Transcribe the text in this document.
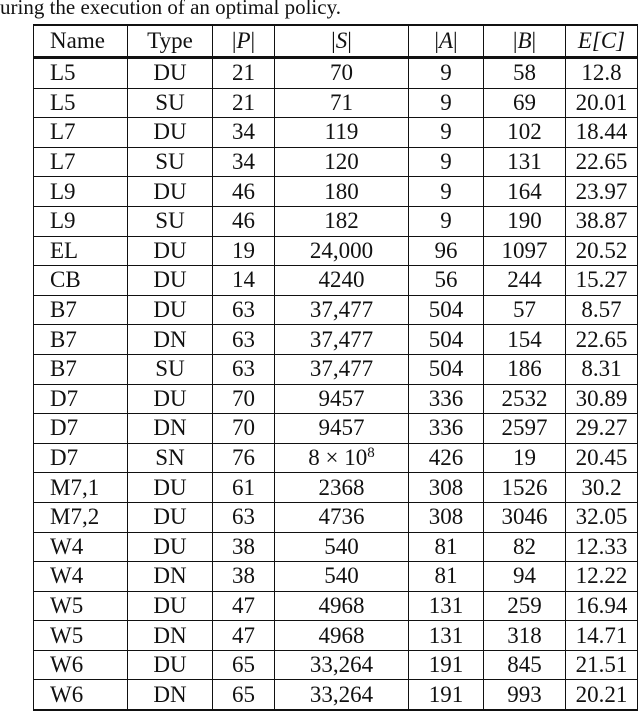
uring the execution of an optimal policy.
Name	Type	|P|	|S|	|A|	|B|	E[C]
L5	DU	21	70	9	58	12.8
L5	SU	21	71	9	69	20.01
L7	DU	34	119	9	102	18.44
L7	SU	34	120	9	131	22.65
L9	DU	46	180	9	164	23.97
L9	SU	46	182	9	190	38.87
EL	DU	19	24,000	96	1097	20.52
CB	DU	14	4240	56	244	15.27
B7	DU	63	37,477	504	57	8.57
B7	DN	63	37,477	504	154	22.65
B7	SU	63	37,477	504	186	8.31
D7	DU	70	9457	336	2532	30.89
D7	DN	70	9457	336	2597	29.27
D7	SN	76	$8 \times 10^8$	426	19	20.45
M7,1	DU	61	2368	308	1526	30.2
M7,2	DU	63	4736	308	3046	32.05
W4	DU	38	540	81	82	12.33
W4	DN	38	540	81	94	12.22
W5	DU	47	4968	131	259	16.94
W5	DN	47	4968	131	318	14.71
W6	DU	65	33,264	191	845	21.51
W6	DN	65	33,264	191	993	20.21
